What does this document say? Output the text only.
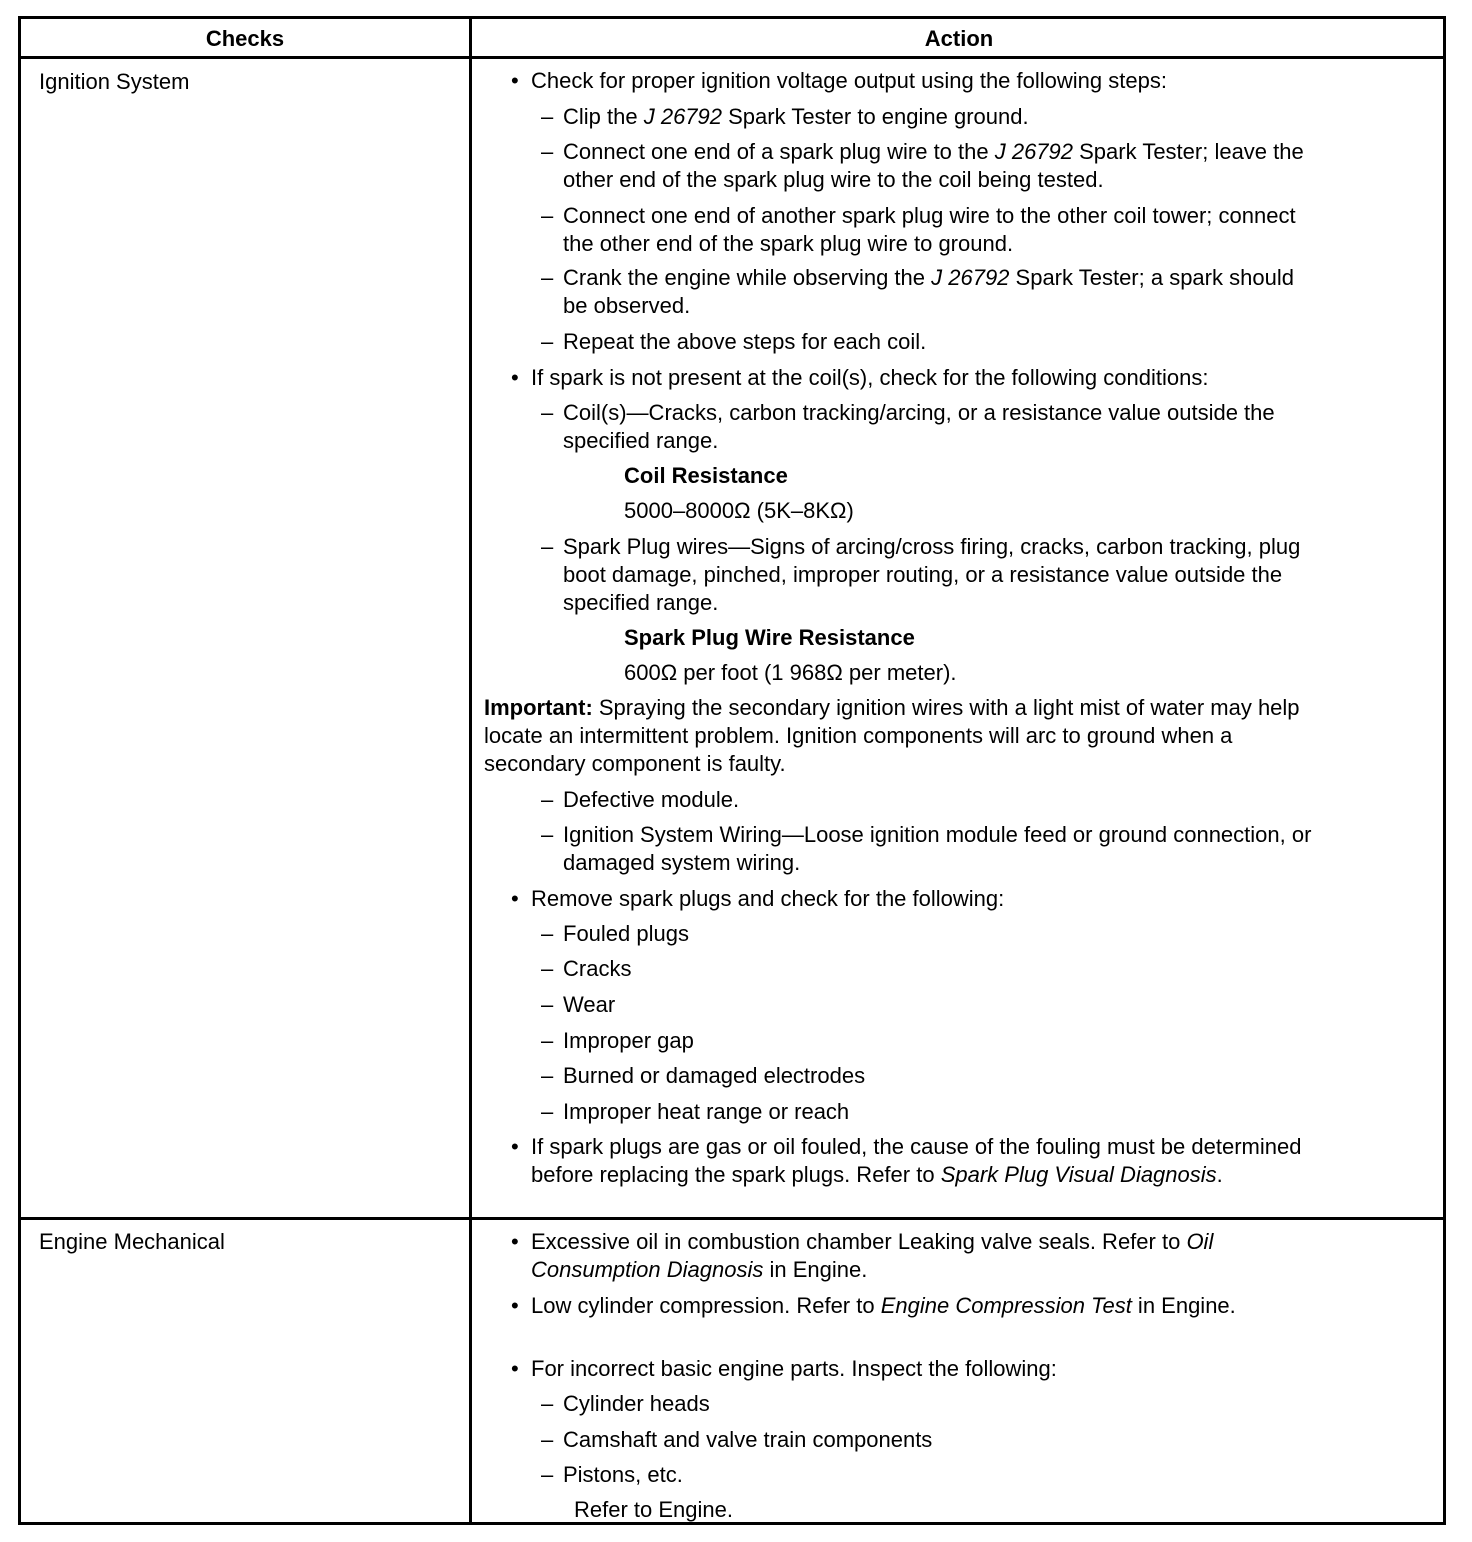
Checks	Action
Ignition System	• Check for proper ignition voltage output using the following steps:
– Clip the J 26792 Spark Tester to engine ground.
– Connect one end of a spark plug wire to the J 26792 Spark Tester; leave the
other end of the spark plug wire to the coil being tested.
– Connect one end of another spark plug wire to the other coil tower; connect
the other end of the spark plug wire to ground.
– Crank the engine while observing the J 26792 Spark Tester; a spark should
be observed.
– Repeat the above steps for each coil.
• If spark is not present at the coil(s), check for the following conditions:
– Coil(s)—Cracks, carbon tracking/arcing, or a resistance value outside the
specified range.
Coil Resistance
5000–8000Ω (5K–8KΩ)
– Spark Plug wires—Signs of arcing/cross firing, cracks, carbon tracking, plug
boot damage, pinched, improper routing, or a resistance value outside the
specified range.
Spark Plug Wire Resistance
600Ω per foot (1 968Ω per meter).
Important: Spraying the secondary ignition wires with a light mist of water may help
locate an intermittent problem. Ignition components will arc to ground when a
secondary component is faulty.
– Defective module.
– Ignition System Wiring—Loose ignition module feed or ground connection, or
damaged system wiring.
• Remove spark plugs and check for the following:
– Fouled plugs
– Cracks
– Wear
– Improper gap
– Burned or damaged electrodes
– Improper heat range or reach
• If spark plugs are gas or oil fouled, the cause of the fouling must be determined
before replacing the spark plugs. Refer to Spark Plug Visual Diagnosis.
Engine Mechanical	• Excessive oil in combustion chamber Leaking valve seals. Refer to Oil
Consumption Diagnosis in Engine.
• Low cylinder compression. Refer to Engine Compression Test in Engine.
• For incorrect basic engine parts. Inspect the following:
– Cylinder heads
– Camshaft and valve train components
– Pistons, etc.
Refer to Engine.
